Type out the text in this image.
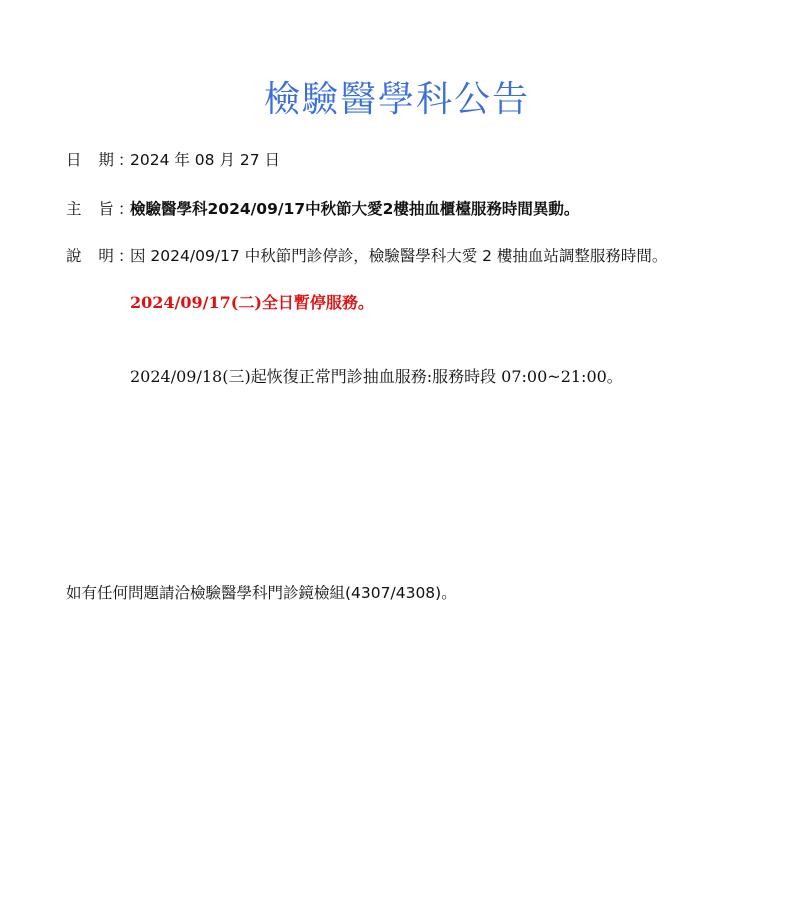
檢驗醫學科公告
日 期：2024 年 08 月 27 日
主 旨：檢驗醫學科2024/09/17中秋節大愛2樓抽血櫃檯服務時間異動。
說 明：因 2024/09/17 中秋節門診停診，檢驗醫學科大愛 2 樓抽血站調整服務時間。
2024/09/17(二)全日暫停服務。
2024/09/18(三)起恢復正常門診抽血服務:服務時段 07:00~21:00。
如有任何問題請洽檢驗醫學科門診鏡檢組(4307/4308)。
